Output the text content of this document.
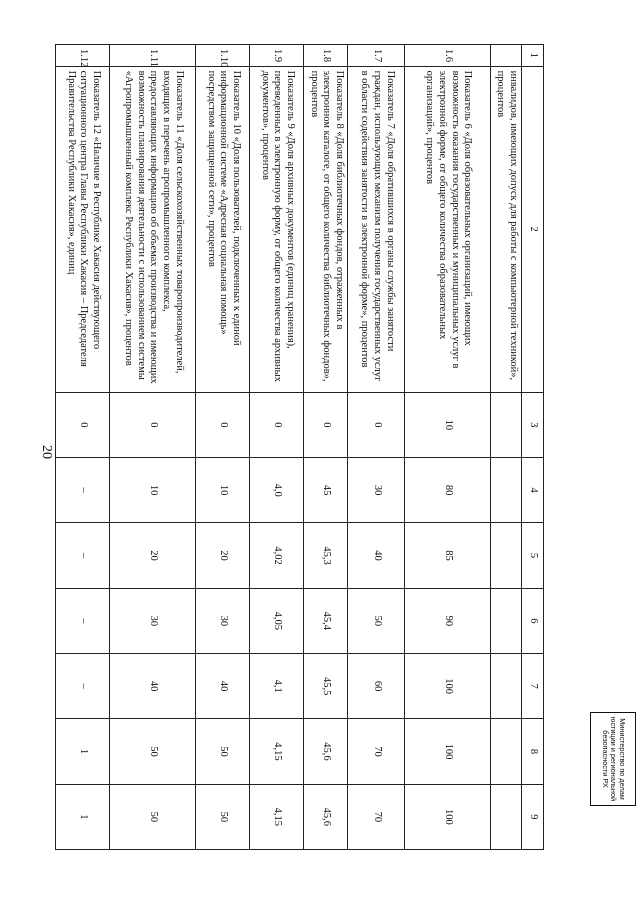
20
1	2	3	4	5	6	7	8	9
	инвалидов, имеющих допуск для работы с компьютерной техникой», процентов							
1.6	Показатель 6 «Доля образовательных организаций, имеющих возможность оказания государственных и муниципальных услуг в электронной форме, от общего количества образовательных организаций», процентов	10	80	85	90	100	100	100
1.7	Показатель 7 «Доля обратившихся в органы службы занятости граждан, использующих механизм получения государственных услуг в области содействия занятости в электронной форме», процентов	0	30	40	50	60	70	70
1.8	Показатель 8 «Доля библиотечных фондов, отраженных в электронном каталоге, от общего количества библиотечных фондов», процентов	0	45	45,3	45,4	45,5	45,6	45,6
1.9	Показатель 9 «Доля архивных документов (единиц хранения), переведенных в электронную форму, от общего количества архивных документов», процентов	0	4,0	4,02	4,05	4,1	4,15	4,15
1.10	Показатель 10 «Доля пользователей, подключенных к единой информационной системе «Адресная социальная помощь» посредством защищенной сети», процентов	0	10	20	30	40	50	50
1.11	Показатель 11 «Доля сельскохозяйственных товаропроизводителей, входящих в перечень агропромышленного комплекса, предоставляющих информацию об объемах производства и имеющих возможность планирования деятельности с использованием системы «Агропромышленный комплекс Республики Хакасия», процентов	0	10	20	30	40	50	50
1.12	Показатель 12 «Наличие в Республике Хакасия действующего ситуационного центра Главы Республики Хакасия – Председателя Правительства Республики Хакасия», единиц	0	–	–	–	–	1	1
Министерство по делам
юстиции и региональной
безопасности РХ
